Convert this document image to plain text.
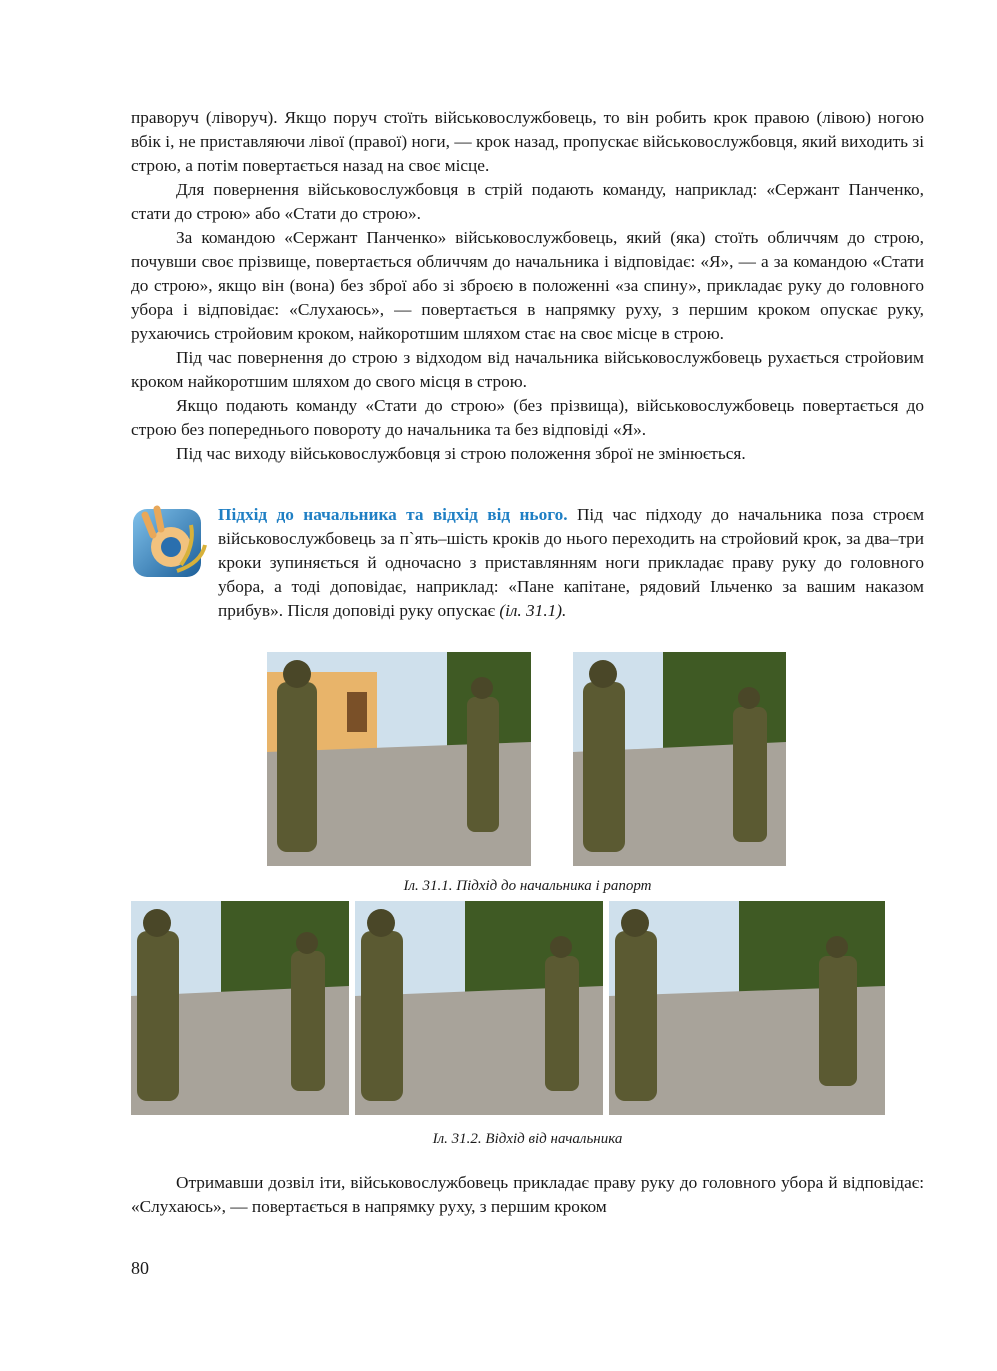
праворуч (ліворуч). Якщо поруч стоїть військовослужбовець, то він робить крок правою (лівою) ногою вбік і, не приставляючи лівої (правої) ноги, — крок назад, пропускає військовослужбовця, який виходить зі строю, а потім повертається назад на своє місце.

Для повернення військовослужбовця в стрій подають команду, наприклад: «Сержант Панченко, стати до строю» або «Стати до строю».

За командою «Сержант Панченко» військовослужбовець, який (яка) стоїть обличчям до строю, почувши своє прізвище, повертається обличчям до начальника і відповідає: «Я», — а за командою «Стати до строю», якщо він (вона) без зброї або зі зброєю в положенні «за спину», прикладає руку до головного убора і відповідає: «Слухаюсь», — повертається в напрямку руху, з першим кроком опускає руку, рухаючись стройовим кроком, найкоротшим шляхом стає на своє місце в строю.

Під час повернення до строю з відходом від начальника військовослужбовець рухається стройовим кроком найкоротшим шляхом до свого місця в строю.

Якщо подають команду «Стати до строю» (без прізвища), військовослужбовець повертається до строю без попереднього повороту до начальника та без відповіді «Я».

Під час виходу військовослужбовця зі строю положення зброї не змінюється.

Підхід до начальника та відхід від нього. Під час підходу до начальника поза строєм військовослужбовець за п`ять–шість кроків до нього переходить на стройовий крок, за два–три кроки зупиняється й одночасно з приставлянням ноги прикладає праву руку до головного убора, а тоді доповідає, наприклад: «Пане капітане, рядовий Ільченко за вашим наказом прибув». Після доповіді руку опускає (іл. 31.1).
Іл. 31.1. Підхід до начальника і рапорт
Іл. 31.2. Відхід від начальника

Отримавши дозвіл іти, військовослужбовець прикладає праву руку до головного убора й відповідає: «Слухаюсь», — повертається в напрямку руху, з першим кроком

80
